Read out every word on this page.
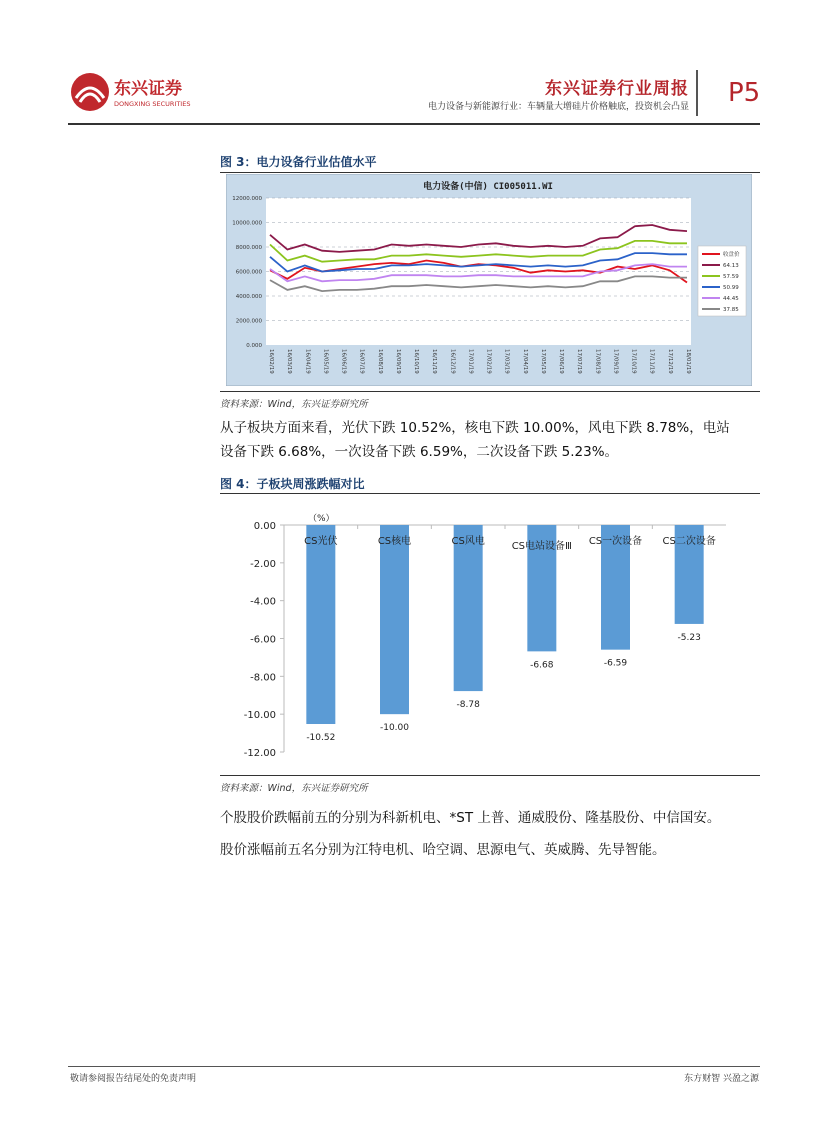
东兴证券
DONGXING SECURITIES
东兴证券行业周报
电力设备与新能源行业：车辆量大增硅片价格触底，投资机会凸显 P5
图 3：电力设备行业估值水平
电力设备(中信) CI005011.WI
0.000
2000.000
4000.000
6000.000
8000.000
10000.000
12000.000
16/02/19 16/03/19 16/04/19 16/05/19 16/06/19 16/07/19 16/08/19 16/09/19 16/10/19 16/11/19 16/12/19 17/01/19 17/02/19 17/03/19 17/04/19 17/05/19 17/06/19 17/07/19 17/08/19 17/09/19 17/10/19 17/11/19 17/12/19 18/01/19
收盘价
64.13
57.59
50.99
44.45
37.85
资料来源：Wind，东兴证券研究所
从子板块方面来看，光伏下跌 10.52%，核电下跌 10.00%，风电下跌 8.78%，电站
设备下跌 6.68%，一次设备下跌 6.59%，二次设备下跌 5.23%。
图 4：子板块周涨跌幅对比
（%）
0.00
-2.00
-4.00
-6.00
-8.00
-10.00
-12.00
CS光伏	CS核电	CS风电	CS电站设备Ⅲ CS一次设备 CS二次设备
-10.52
-10.00
-8.78
-6.68	-6.59
-5.23
资料来源：Wind，东兴证券研究所
个股股价跌幅前五的分别为科新机电、*ST 上普、通威股份、隆基股份、中信国安。
股价涨幅前五名分别为江特电机、哈空调、思源电气、英威腾、先导智能。
敬请参阅报告结尾处的免责声明	东方财智 兴盈之源
